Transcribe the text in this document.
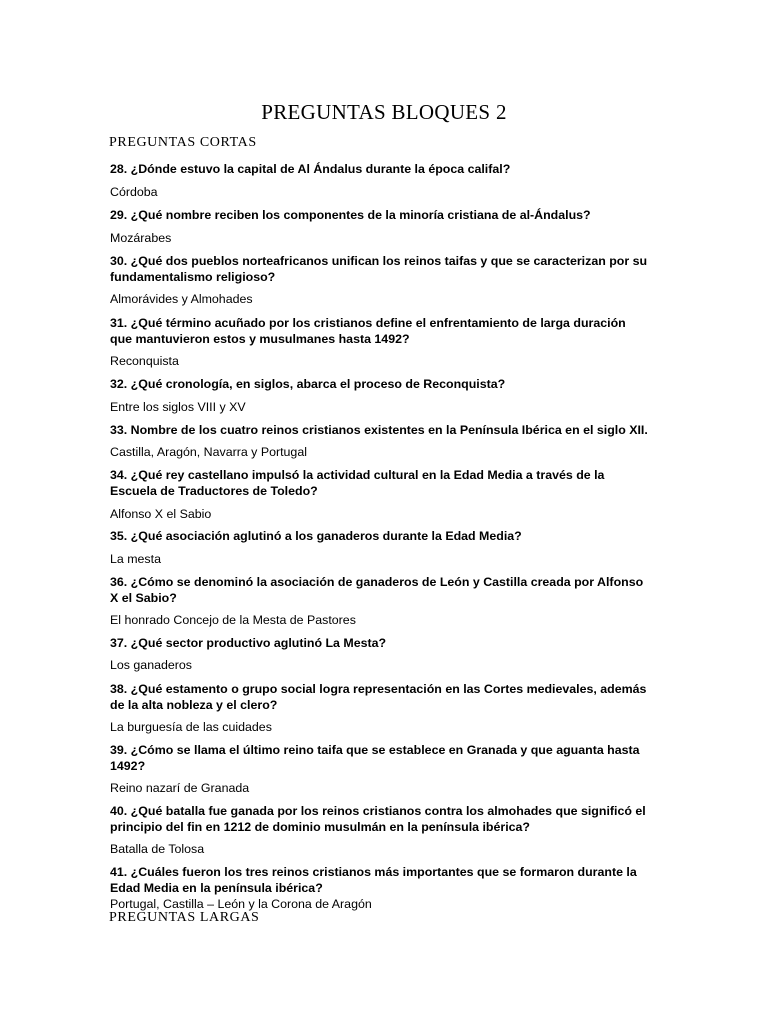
PREGUNTAS BLOQUES 2
PREGUNTAS CORTAS
28. ¿Dónde estuvo la capital de Al Ándalus durante la época califal?
Córdoba
29. ¿Qué nombre reciben los componentes de la minoría cristiana de al-Ándalus?
Mozárabes
30. ¿Qué dos pueblos norteafricanos unifican los reinos taifas y que se caracterizan por su fundamentalismo religioso?
Almorávides y Almohades
31. ¿Qué término acuñado por los cristianos define el enfrentamiento de larga duración que mantuvieron estos y musulmanes hasta 1492?
Reconquista
32. ¿Qué cronología, en siglos, abarca el proceso de Reconquista?
Entre los siglos VIII y XV
33. Nombre de los cuatro reinos cristianos existentes en la Península Ibérica en el siglo XII.
Castilla, Aragón, Navarra y Portugal
34. ¿Qué rey castellano impulsó la actividad cultural en la Edad Media a través de la Escuela de Traductores de Toledo?
Alfonso X el Sabio
35. ¿Qué asociación aglutinó a los ganaderos durante la Edad Media?
La mesta
36. ¿Cómo se denominó la asociación de ganaderos de León y Castilla creada por Alfonso X el Sabio?
El honrado Concejo de la Mesta de Pastores
37. ¿Qué sector productivo aglutinó La Mesta?
Los ganaderos
38. ¿Qué estamento o grupo social logra representación en las Cortes medievales, además de la alta nobleza y el clero?
La burguesía de las cuidades
39. ¿Cómo se llama el último reino taifa que se establece en Granada y que aguanta hasta 1492?
Reino nazarí de Granada
40. ¿Qué batalla fue ganada por los reinos cristianos contra los almohades que significó el principio del fin en 1212 de dominio musulmán en la península ibérica?
Batalla de Tolosa
41. ¿Cuáles fueron los tres reinos cristianos más importantes que se formaron durante la Edad Media en la península ibérica?
Portugal, Castilla – León y la Corona de Aragón
PREGUNTAS LARGAS
